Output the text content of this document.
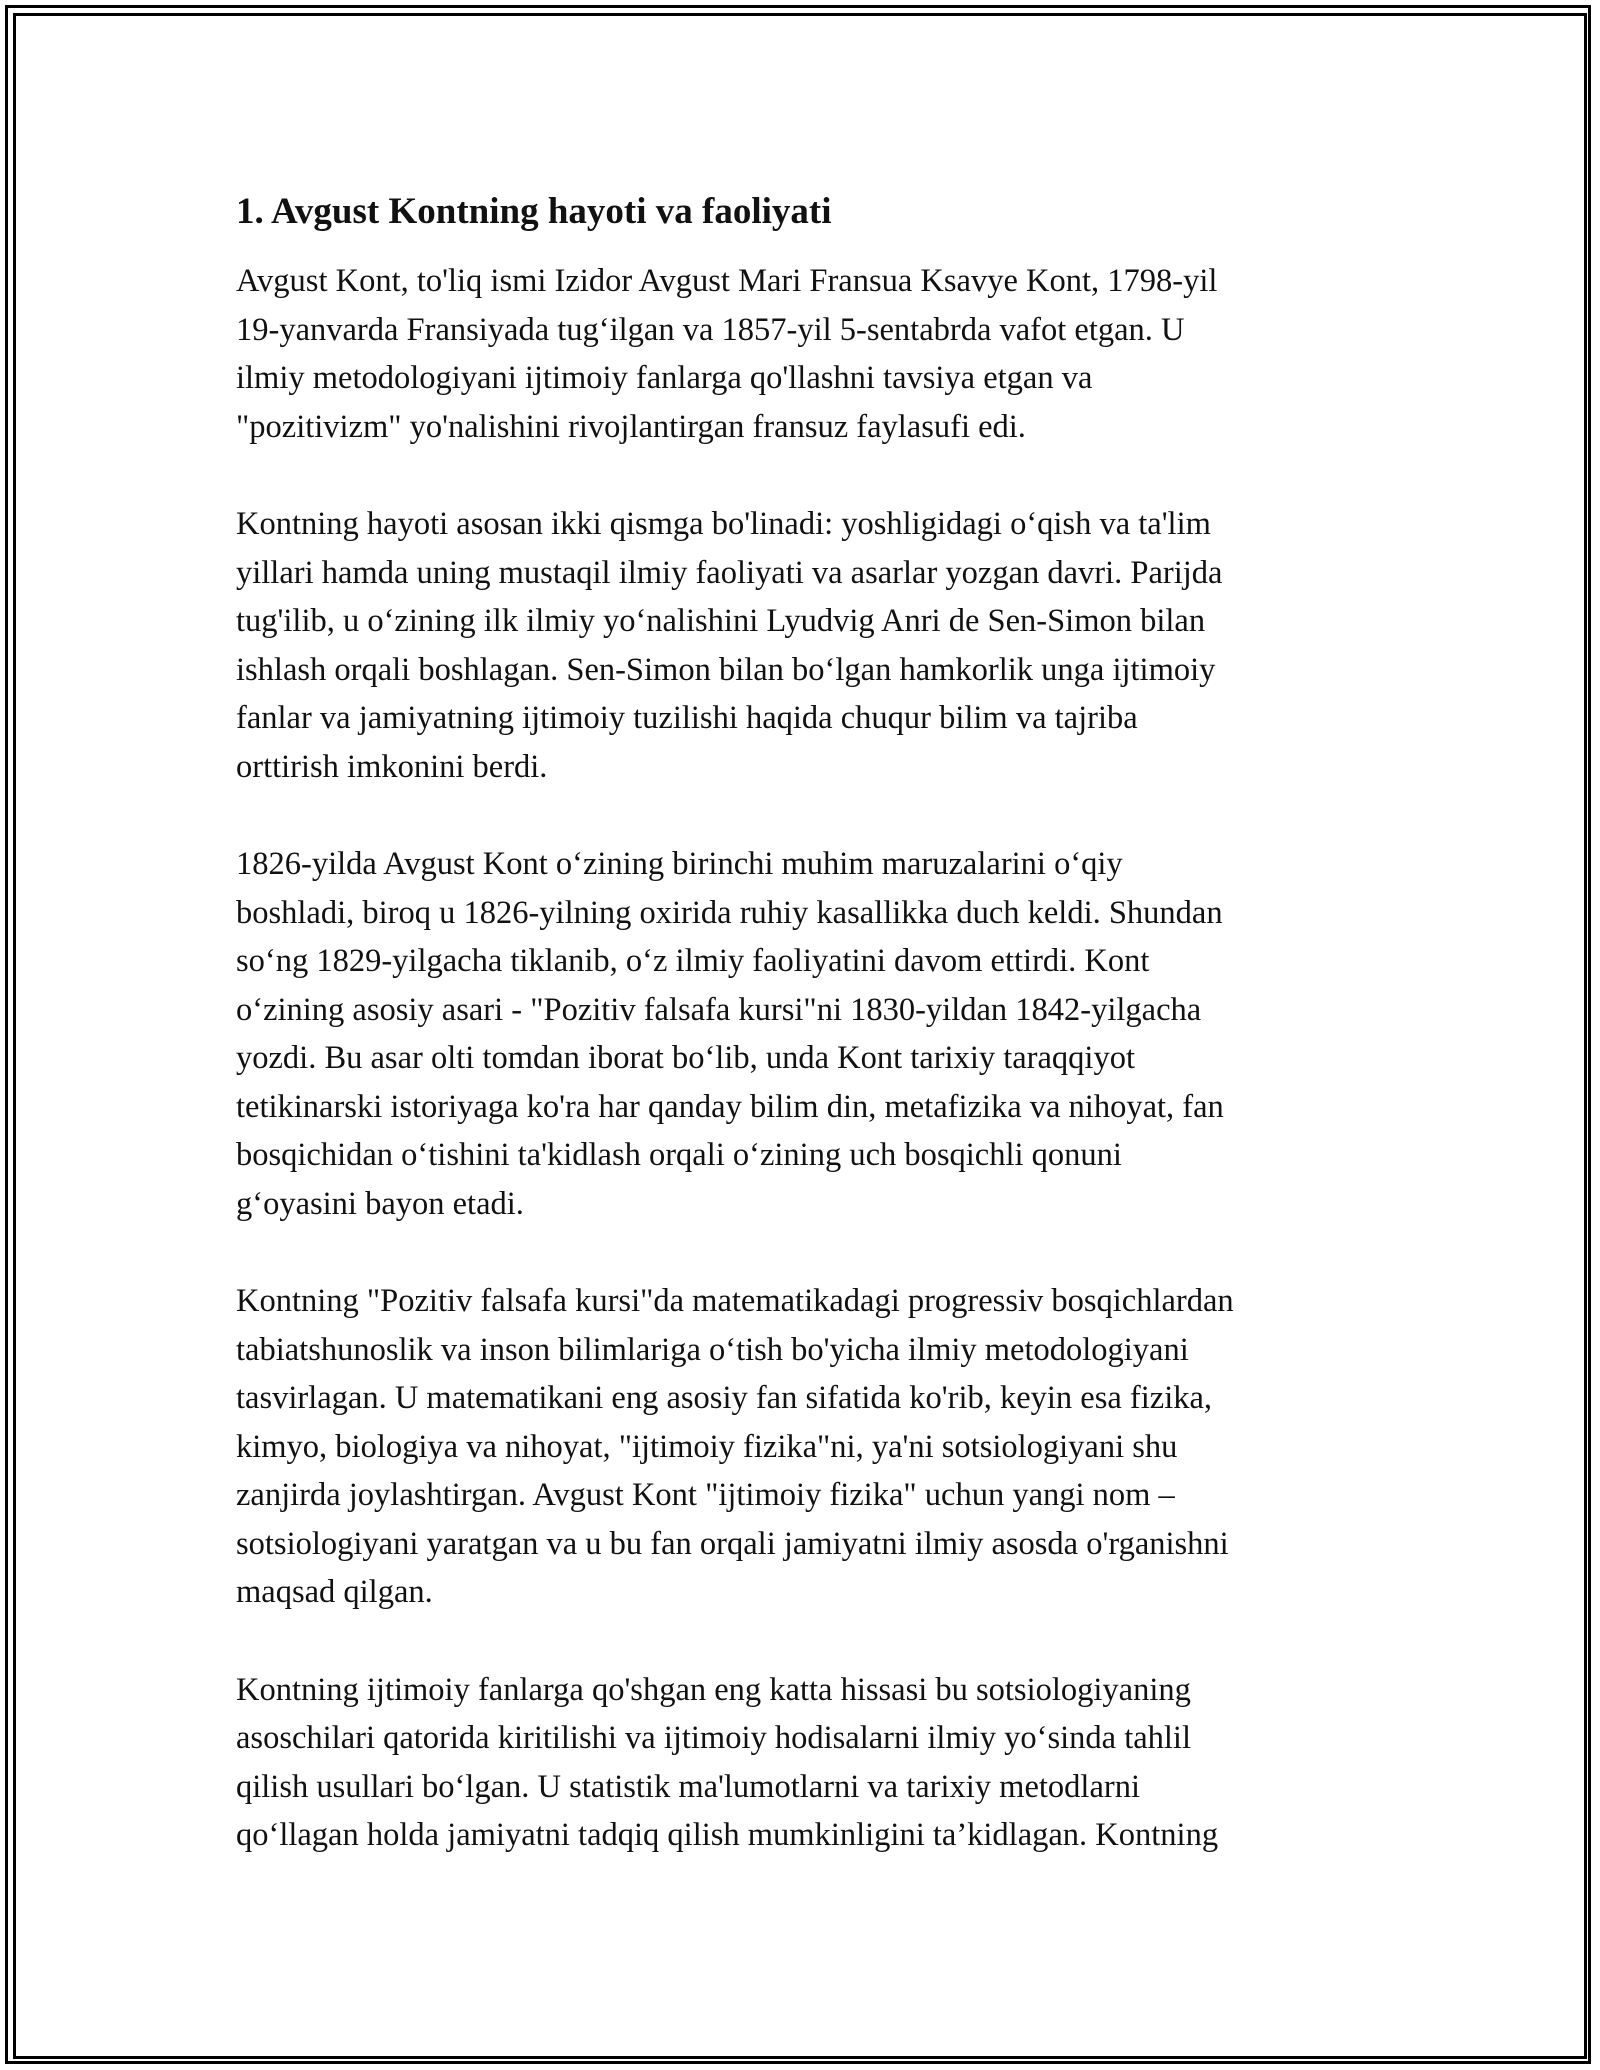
1. Avgust Kontning hayoti va faoliyati

Avgust Kont, to'liq ismi Izidor Avgust Mari Fransua Ksavye Kont, 1798-yil
19-yanvarda Fransiyada tug‘ilgan va 1857-yil 5-sentabrda vafot etgan. U
ilmiy metodologiyani ijtimoiy fanlarga qo'llashni tavsiya etgan va
"pozitivizm" yo'nalishini rivojlantirgan fransuz faylasufi edi.

Kontning hayoti asosan ikki qismga bo'linadi: yoshligidagi o‘qish va ta'lim
yillari hamda uning mustaqil ilmiy faoliyati va asarlar yozgan davri. Parijda
tug'ilib, u o‘zining ilk ilmiy yo‘nalishini Lyudvig Anri de Sen-Simon bilan
ishlash orqali boshlagan. Sen-Simon bilan bo‘lgan hamkorlik unga ijtimoiy
fanlar va jamiyatning ijtimoiy tuzilishi haqida chuqur bilim va tajriba
orttirish imkonini berdi.

1826-yilda Avgust Kont o‘zining birinchi muhim maruzalarini o‘qiy
boshladi, biroq u 1826-yilning oxirida ruhiy kasallikka duch keldi. Shundan
so‘ng 1829-yilgacha tiklanib, o‘z ilmiy faoliyatini davom ettirdi. Kont
o‘zining asosiy asari - "Pozitiv falsafa kursi"ni 1830-yildan 1842-yilgacha
yozdi. Bu asar olti tomdan iborat bo‘lib, unda Kont tarixiy taraqqiyot
tetikinarski istoriyaga ko'ra har qanday bilim din, metafizika va nihoyat, fan
bosqichidan o‘tishini ta'kidlash orqali o‘zining uch bosqichli qonuni
g‘oyasini bayon etadi.

Kontning "Pozitiv falsafa kursi"da matematikadagi progressiv bosqichlardan
tabiatshunoslik va inson bilimlariga o‘tish bo'yicha ilmiy metodologiyani
tasvirlagan. U matematikani eng asosiy fan sifatida ko'rib, keyin esa fizika,
kimyo, biologiya va nihoyat, "ijtimoiy fizika"ni, ya'ni sotsiologiyani shu
zanjirda joylashtirgan. Avgust Kont "ijtimoiy fizika" uchun yangi nom –
sotsiologiyani yaratgan va u bu fan orqali jamiyatni ilmiy asosda o'rganishni
maqsad qilgan.

Kontning ijtimoiy fanlarga qo'shgan eng katta hissasi bu sotsiologiyaning
asoschilari qatorida kiritilishi va ijtimoiy hodisalarni ilmiy yo‘sinda tahlil
qilish usullari bo‘lgan. U statistik ma'lumotlarni va tarixiy metodlarni
qo‘llagan holda jamiyatni tadqiq qilish mumkinligini ta’kidlagan. Kontning
